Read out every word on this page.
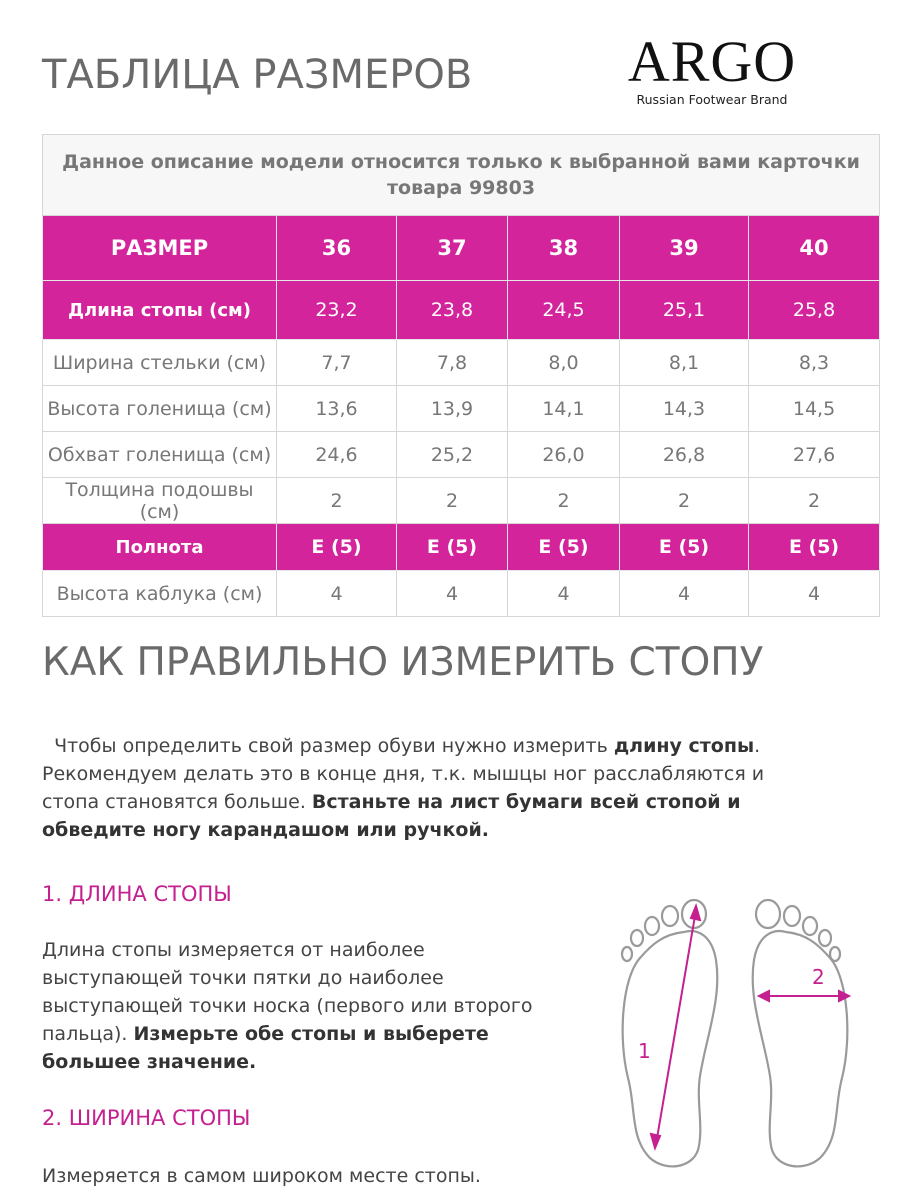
ТАБЛИЦА РАЗМЕРОВ	ARGO
Russian Footwear Brand
Данное описание модели относится только к выбранной вами карточки товара 99803					
РАЗМЕР	36	37	38	39	40
Длина стопы (см)	23,2	23,8	24,5	25,1	25,8
Ширина стельки (см)	7,7	7,8	8,0	8,1	8,3
Высота голенища (см)	13,6	13,9	14,1	14,3	14,5
Обхват голенища (см)	24,6	25,2	26,0	26,8	27,6
Толщина подошвы (см)	2	2	2	2	2
Полнота	E (5)	E (5)	E (5)	E (5)	E (5)
Высота каблука (см)	4	4	4	4	4
КАК ПРАВИЛЬНО ИЗМЕРИТЬ СТОПУ
Чтобы определить свой размер обуви нужно измерить длину стопы. Рекомендуем делать это в конце дня, т.к. мышцы ног расслабляются и стопа становятся больше. Встаньте на лист бумаги всей стопой и обведите ногу карандашом или ручкой.
1. ДЛИНА СТОПЫ
Длина стопы измеряется от наиболее выступающей точки пятки до наиболее выступающей точки носка (первого или второго пальца). Измерьте обе стопы и выберете большее значение.
2. ШИРИНА СТОПЫ
Измеряется в самом широком месте стопы.
1
2
